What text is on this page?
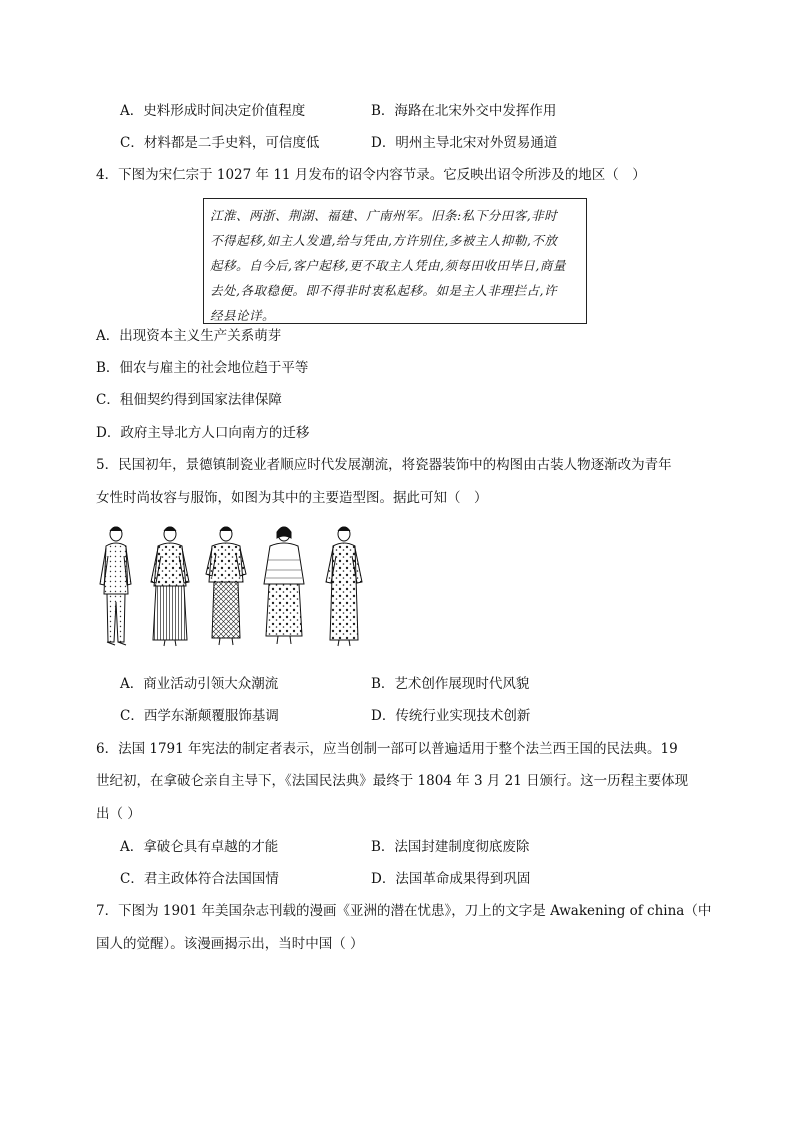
A．史料形成时间决定价值程度	B．海路在北宋外交中发挥作用
C．材料都是二手史料，可信度低	D．明州主导北宋对外贸易通道
4．下图为宋仁宗于 1027 年 11 月发布的诏令内容节录。它反映出诏令所涉及的地区（　）
江淮、两浙、荆湖、福建、广南州军。旧条:私下分田客,非时
不得起移,如主人发遣,给与凭由,方许别住,多被主人抑勒,不放
起移。自今后,客户起移,更不取主人凭由,须每田收田毕日,商量
去处,各取稳便。即不得非时衷私起移。如是主人非理拦占,许
经县论详。
A．出现资本主义生产关系萌芽
B．佃农与雇主的社会地位趋于平等
C．租佃契约得到国家法律保障
D．政府主导北方人口向南方的迁移
5．民国初年，景德镇制瓷业者顺应时代发展潮流，将瓷器装饰中的构图由古装人物逐渐改为青年
女性时尚妆容与服饰，如图为其中的主要造型图。据此可知（　）
A．商业活动引领大众潮流	B．艺术创作展现时代风貌
C．西学东渐颠覆服饰基调	D．传统行业实现技术创新
6．法国 1791 年宪法的制定者表示，应当创制一部可以普遍适用于整个法兰西王国的民法典。19
世纪初，在拿破仑亲自主导下，《法国民法典》最终于 1804 年 3 月 21 日颁行。这一历程主要体现
出（ ）
A．拿破仑具有卓越的才能	B．法国封建制度彻底废除
C．君主政体符合法国国情	D．法国革命成果得到巩固
7．下图为 1901 年美国杂志刊载的漫画《亚洲的潜在忧患》，刀上的文字是 Awakening of china（中
国人的觉醒）。该漫画揭示出，当时中国（ ）
